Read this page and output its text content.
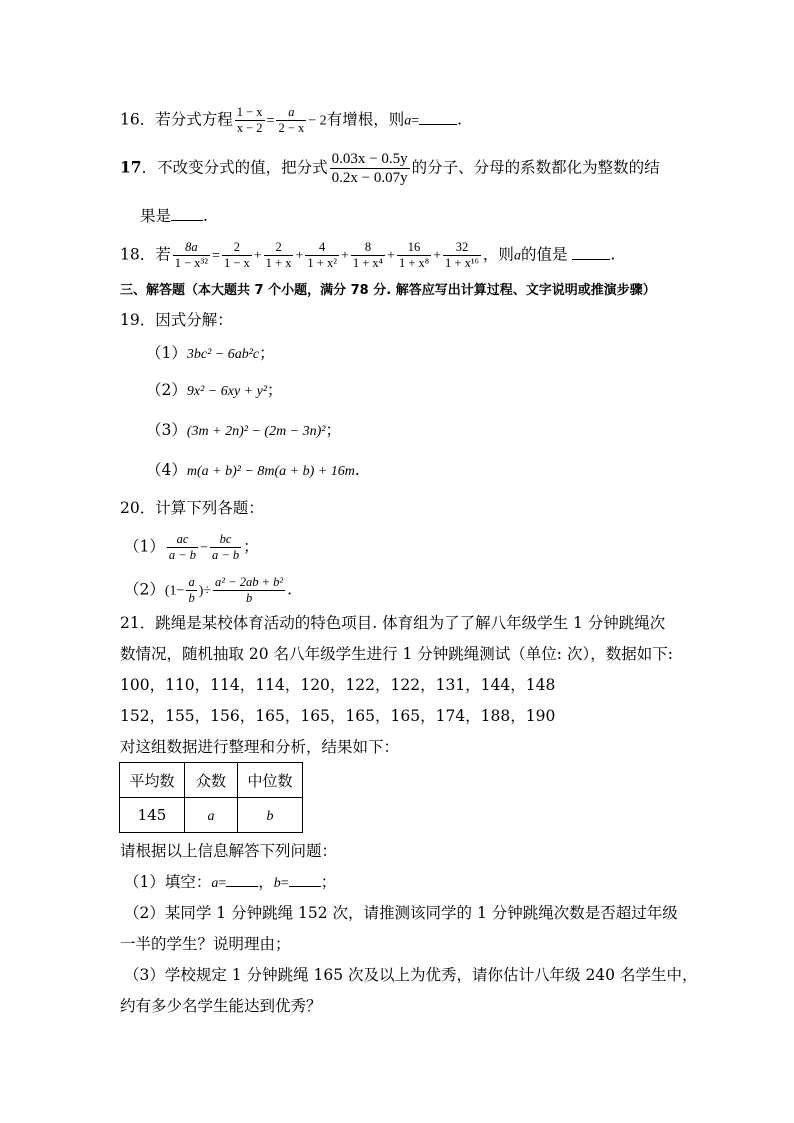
16．若分式方程 $\frac{1 - x}{x - 2} = \frac{a}{2 - x} - 2$有增根，则a= .
17．不改变分式的值，把分式 $\frac{0.03x - 0.5y}{0.2x - 0.07y}$ 的分子、分母的系数都化为整数的结
果是 .
18．若 $\frac{8a}{\text{1 − x³²}} = \frac{2}{1 - x} + \frac{2}{1 + x} + \frac{4}{\text{1 + x²}} + \frac{8}{\text{1 + x⁴}} + \frac{16}{\text{1 + x⁸}} + \frac{32}{\text{1 + x¹⁶}}$ ，则a的值是	.
三、解答题（本大题共 7 个小题，满分 78 分. 解答应写出计算过程、文字说明或推演步骤）
19．因式分解：
（1）3bc² − 6ab²c；
（2）9x² − 6xy + y²；
（3）(3m + 2n)² − (2m − 3n)²；
（4）m(a + b)² − 8m(a + b) + 16m.
20．计算下列各题：
$(1) \frac{ac}{a - b} - \frac{bc}{a - b}$ ；
$(2)(1- \frac{a}{b}$ )÷ $\frac{\text{a² − 2ab + b²}}{b}$ .
21．跳绳是某校体育活动的特色项目. 体育组为了了解八年级学生 1 分钟跳绳次
数情况，随机抽取 20 名八年级学生进行 1 分钟跳绳测试（单位: 次），数据如下:
100，110，114，114，120，122，122，131，144，148
152，155，156，165，165，165，165，174，188，190
对这组数据进行整理和分析，结果如下：
平均数	众数	中位数
145	a	b
请根据以上信息解答下列问题：
（1）填空：a= ，b= ；
（2）某同学 1 分钟跳绳 152 次，请推测该同学的 1 分钟跳绳次数是否超过年级
一半的学生？说明理由；
（3）学校规定 1 分钟跳绳 165 次及以上为优秀，请你估计八年级 240 名学生中，
约有多少名学生能达到优秀？
